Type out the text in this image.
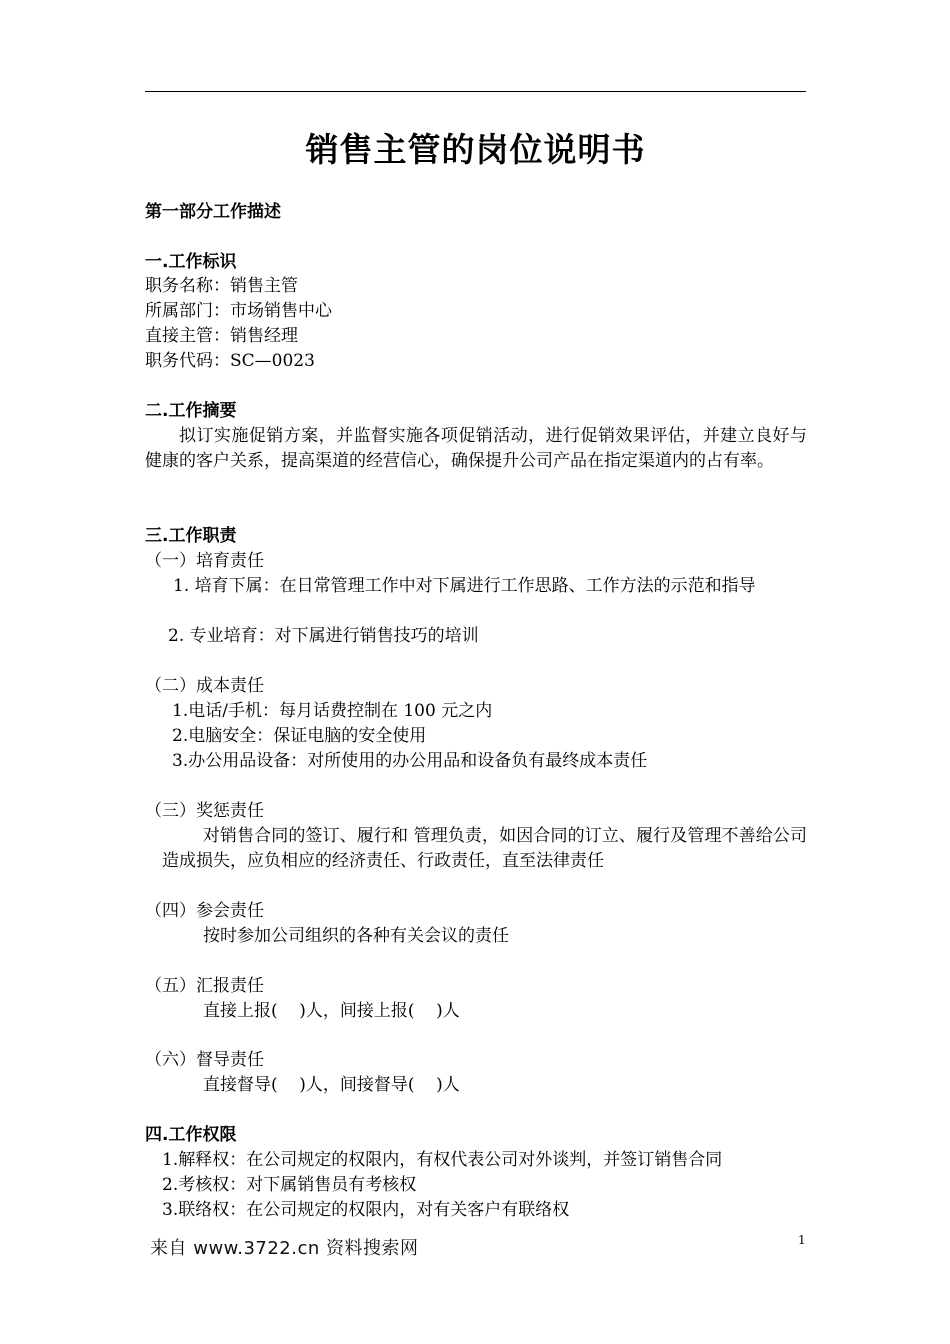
销售主管的岗位说明书
第一部分工作描述
一.工作标识
职务名称：销售主管
所属部门：市场销售中心
直接主管：销售经理
职务代码：SC—0023
二.工作摘要
拟订实施促销方案，并监督实施各项促销活动，进行促销效果评估，并建立良好与健康的客户关系，提高渠道的经营信心，确保提升公司产品在指定渠道内的占有率。
三.工作职责
（一）培育责任
1. 培育下属：在日常管理工作中对下属进行工作思路、工作方法的示范和指导
2. 专业培育：对下属进行销售技巧的培训
（二）成本责任
1.电话/手机：每月话费控制在 100 元之内
2.电脑安全：保证电脑的安全使用
3.办公用品设备：对所使用的办公用品和设备负有最终成本责任
（三）奖惩责任
对销售合同的签订、履行和 管理负责，如因合同的订立、履行及管理不善给公司造成损失，应负相应的经济责任、行政责任，直至法律责任
（四）参会责任
按时参加公司组织的各种有关会议的责任
（五）汇报责任
直接上报(    )人，间接上报(    )人
（六）督导责任
直接督导(    )人，间接督导(    )人
四.工作权限
1.解释权：在公司规定的权限内，有权代表公司对外谈判，并签订销售合同
2.考核权：对下属销售员有考核权
3.联络权：在公司规定的权限内，对有关客户有联络权
1
来自 www.3722.cn 资料搜索网
